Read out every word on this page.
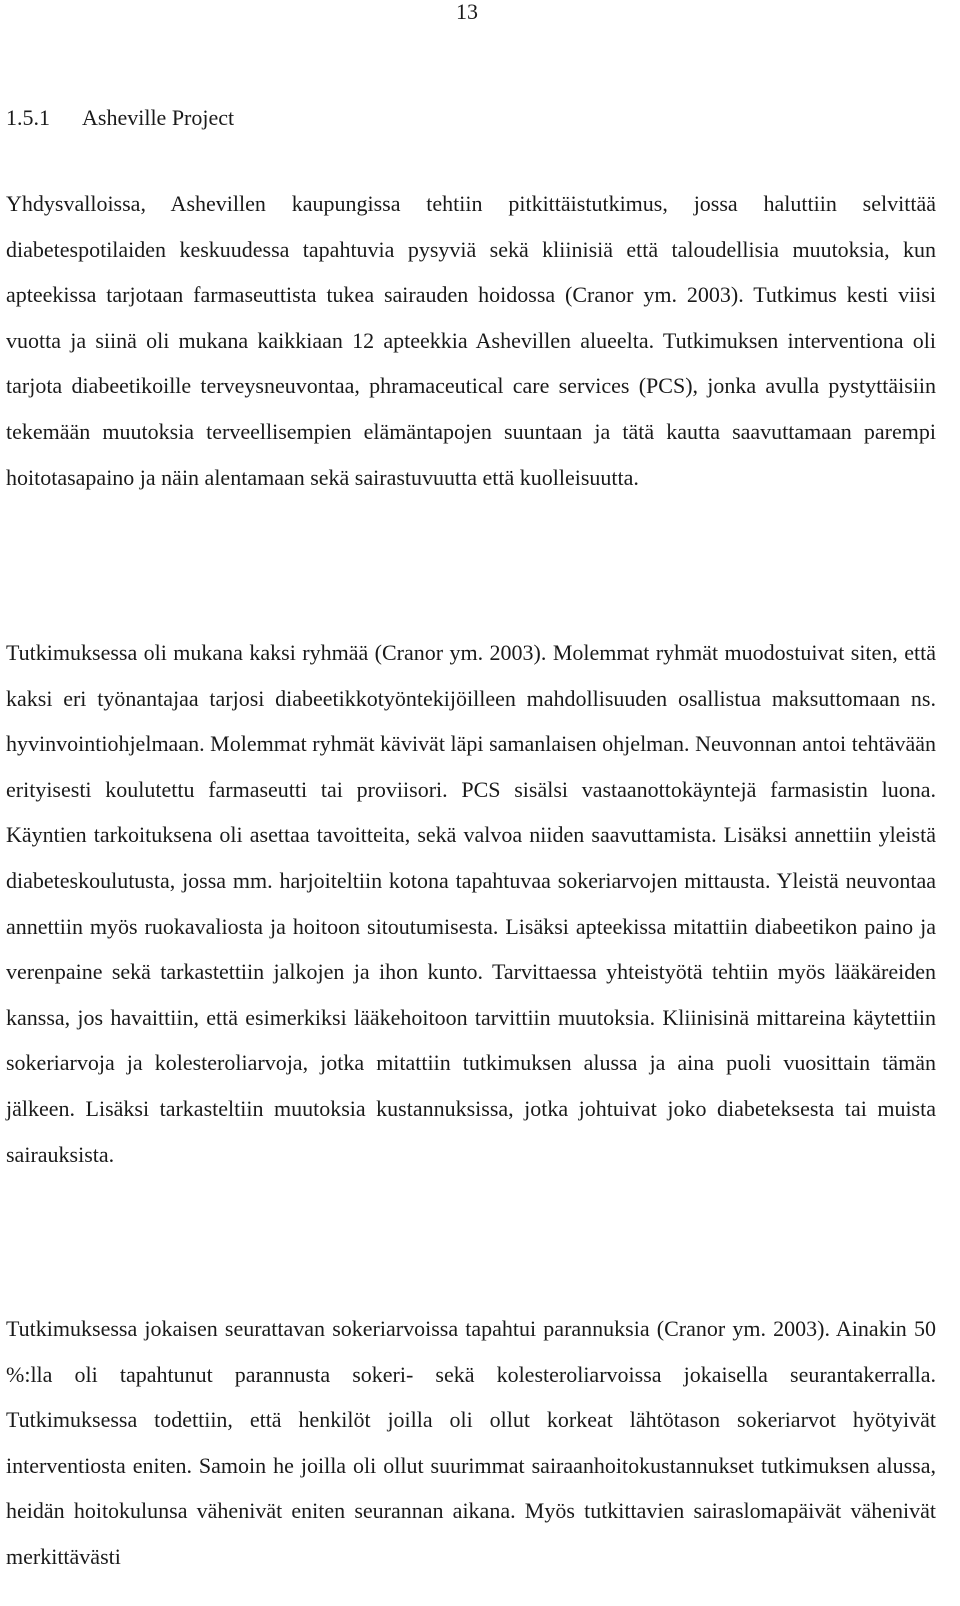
13
1.5.1 Asheville Project

Yhdysvalloissa, Ashevillen kaupungissa tehtiin pitkittäistutkimus, jossa haluttiin selvittää diabetespotilaiden keskuudessa tapahtuvia pysyviä sekä kliinisiä että taloudellisia muutoksia, kun apteekissa tarjotaan farmaseuttista tukea sairauden hoidossa (Cranor ym. 2003). Tutkimus kesti viisi vuotta ja siinä oli mukana kaikkiaan 12 apteekkia Ashevillen alueelta. Tutkimuksen interventiona oli tarjota diabeetikoille terveysneuvontaa, phramaceutical care services (PCS), jonka avulla pystyttäisiin tekemään muutoksia terveellisempien elämäntapojen suuntaan ja tätä kautta saavuttamaan parempi hoitotasapaino ja näin alentamaan sekä sairastuvuutta että kuolleisuutta.

Tutkimuksessa oli mukana kaksi ryhmää (Cranor ym. 2003). Molemmat ryhmät muodostuivat siten, että kaksi eri työnantajaa tarjosi diabeetikkotyöntekijöilleen mahdollisuuden osallistua maksuttomaan ns. hyvinvointiohjelmaan. Molemmat ryhmät kävivät läpi samanlaisen ohjelman. Neuvonnan antoi tehtävään erityisesti koulutettu farmaseutti tai proviisori. PCS sisälsi vastaanottokäyntejä farmasistin luona. Käyntien tarkoituksena oli asettaa tavoitteita, sekä valvoa niiden saavuttamista. Lisäksi annettiin yleistä diabeteskoulutusta, jossa mm. harjoiteltiin kotona tapahtuvaa sokeriarvojen mittausta. Yleistä neuvontaa annettiin myös ruokavaliosta ja hoitoon sitoutumisesta. Lisäksi apteekissa mitattiin diabeetikon paino ja verenpaine sekä tarkastettiin jalkojen ja ihon kunto. Tarvittaessa yhteistyötä tehtiin myös lääkäreiden kanssa, jos havaittiin, että esimerkiksi lääkehoitoon tarvittiin muutoksia. Kliinisinä mittareina käytettiin sokeriarvoja ja kolesteroliarvoja, jotka mitattiin tutkimuksen alussa ja aina puoli vuosittain tämän jälkeen. Lisäksi tarkasteltiin muutoksia kustannuksissa, jotka johtuivat joko diabeteksesta tai muista sairauksista.

Tutkimuksessa jokaisen seurattavan sokeriarvoissa tapahtui parannuksia (Cranor ym. 2003). Ainakin 50 %:lla oli tapahtunut parannusta sokeri- sekä kolesteroliarvoissa jokaisella seurantakerralla. Tutkimuksessa todettiin, että henkilöt joilla oli ollut korkeat lähtötason sokeriarvot hyötyivät interventiosta eniten. Samoin he joilla oli ollut suurimmat sairaanhoitokustannukset tutkimuksen alussa, heidän hoitokulunsa vähenivät eniten seurannan aikana. Myös tutkittavien sairaslomapäivät vähenivät merkittävästi
